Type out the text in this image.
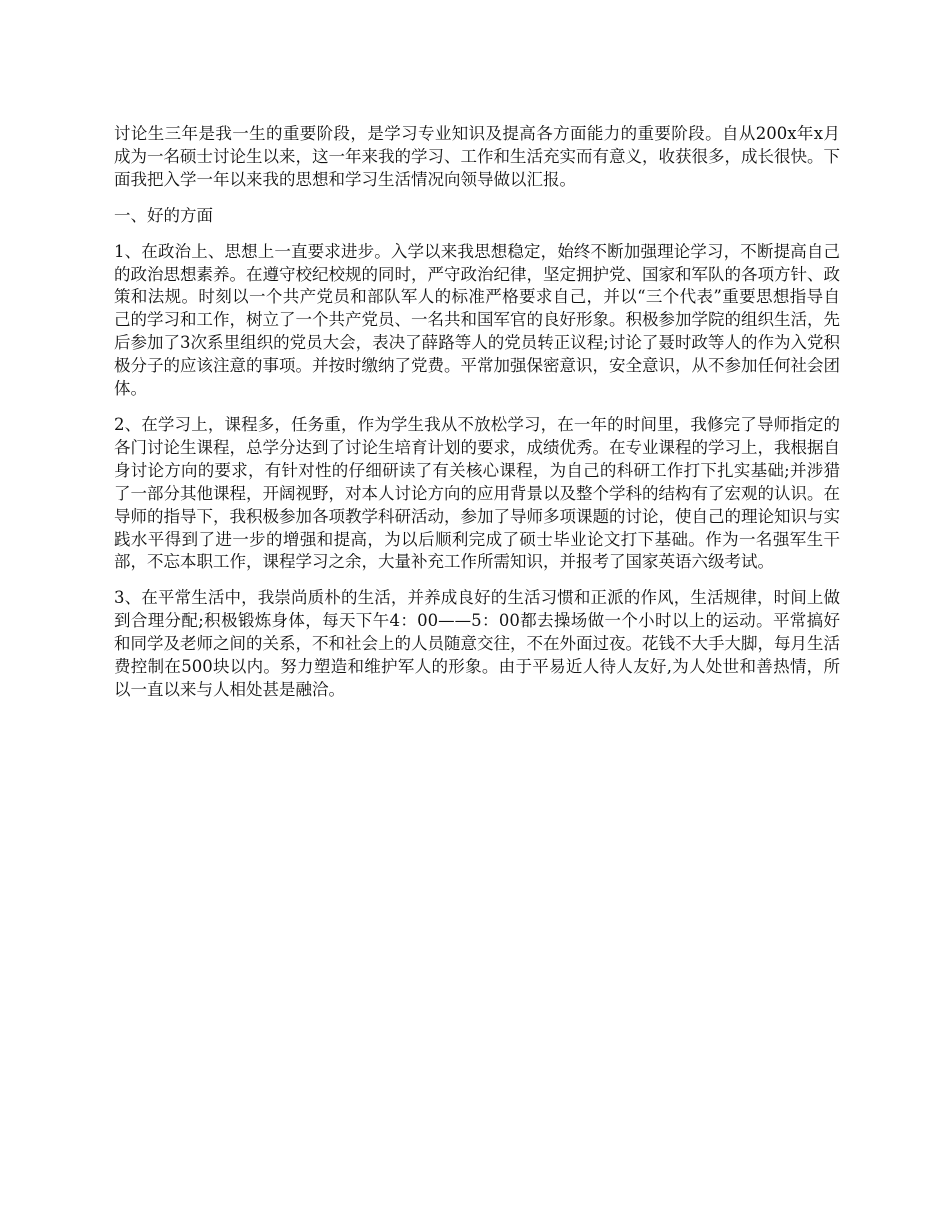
讨论生三年是我一生的重要阶段，是学习专业知识及提高各方面能力的重要阶段。自从200x年x月成为一名硕士讨论生以来，这一年来我的学习、工作和生活充实而有意义，收获很多，成长很快。下面我把入学一年以来我的思想和学习生活情况向领导做以汇报。

一、好的方面

1、在政治上、思想上一直要求进步。入学以来我思想稳定，始终不断加强理论学习，不断提高自己的政治思想素养。在遵守校纪校规的同时，严守政治纪律，坚定拥护党、国家和军队的各项方针、政策和法规。时刻以一个共产党员和部队军人的标准严格要求自己，并以“三个代表”重要思想指导自己的学习和工作，树立了一个共产党员、一名共和国军官的良好形象。积极参加学院的组织生活，先后参加了3次系里组织的党员大会，表决了薛路等人的党员转正议程;讨论了聂时政等人的作为入党积极分子的应该注意的事项。并按时缴纳了党费。平常加强保密意识，安全意识，从不参加任何社会团体。

2、在学习上，课程多，任务重，作为学生我从不放松学习，在一年的时间里，我修完了导师指定的各门讨论生课程，总学分达到了讨论生培育计划的要求，成绩优秀。在专业课程的学习上，我根据自身讨论方向的要求，有针对性的仔细研读了有关核心课程，为自己的科研工作打下扎实基础;并涉猎了一部分其他课程，开阔视野，对本人讨论方向的应用背景以及整个学科的结构有了宏观的认识。在导师的指导下，我积极参加各项教学科研活动，参加了导师多项课题的讨论，使自己的理论知识与实践水平得到了进一步的增强和提高，为以后顺利完成了硕士毕业论文打下基础。作为一名强军生干部，不忘本职工作，课程学习之余，大量补充工作所需知识，并报考了国家英语六级考试。

3、在平常生活中，我崇尚质朴的生活，并养成良好的生活习惯和正派的作风，生活规律，时间上做到合理分配;积极锻炼身体，每天下午4：00——5：00都去操场做一个小时以上的运动。平常搞好和同学及老师之间的关系，不和社会上的人员随意交往，不在外面过夜。花钱不大手大脚，每月生活费控制在500块以内。努力塑造和维护军人的形象。由于平易近人待人友好,为人处世和善热情，所以一直以来与人相处甚是融洽。
